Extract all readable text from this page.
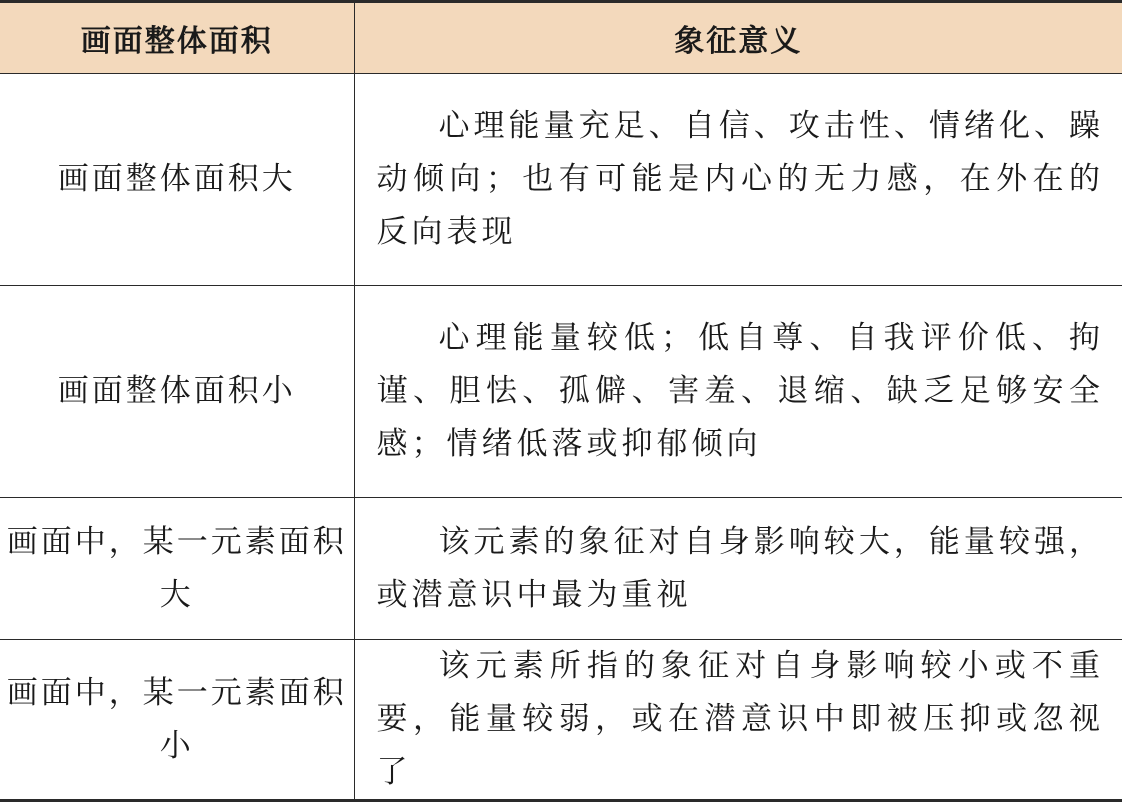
画面整体面积	象征意义
画面整体面积大	心理能量充足、自信、攻击性、情绪化、躁动倾向；也有可能是内心的无力感，在外在的反向表现

画面整体面积小	心理能量较低；低自尊、自我评价低、拘谨、胆怯、孤僻、害羞、退缩、缺乏足够安全感；情绪低落或抑郁倾向

画面中，某一元素面积大	该元素的象征对自身影响较大，能量较强，或潜意识中最为重视

画面中，某一元素面积小	该元素所指的象征对自身影响较小或不重要，能量较弱，或在潜意识中即被压抑或忽视了
